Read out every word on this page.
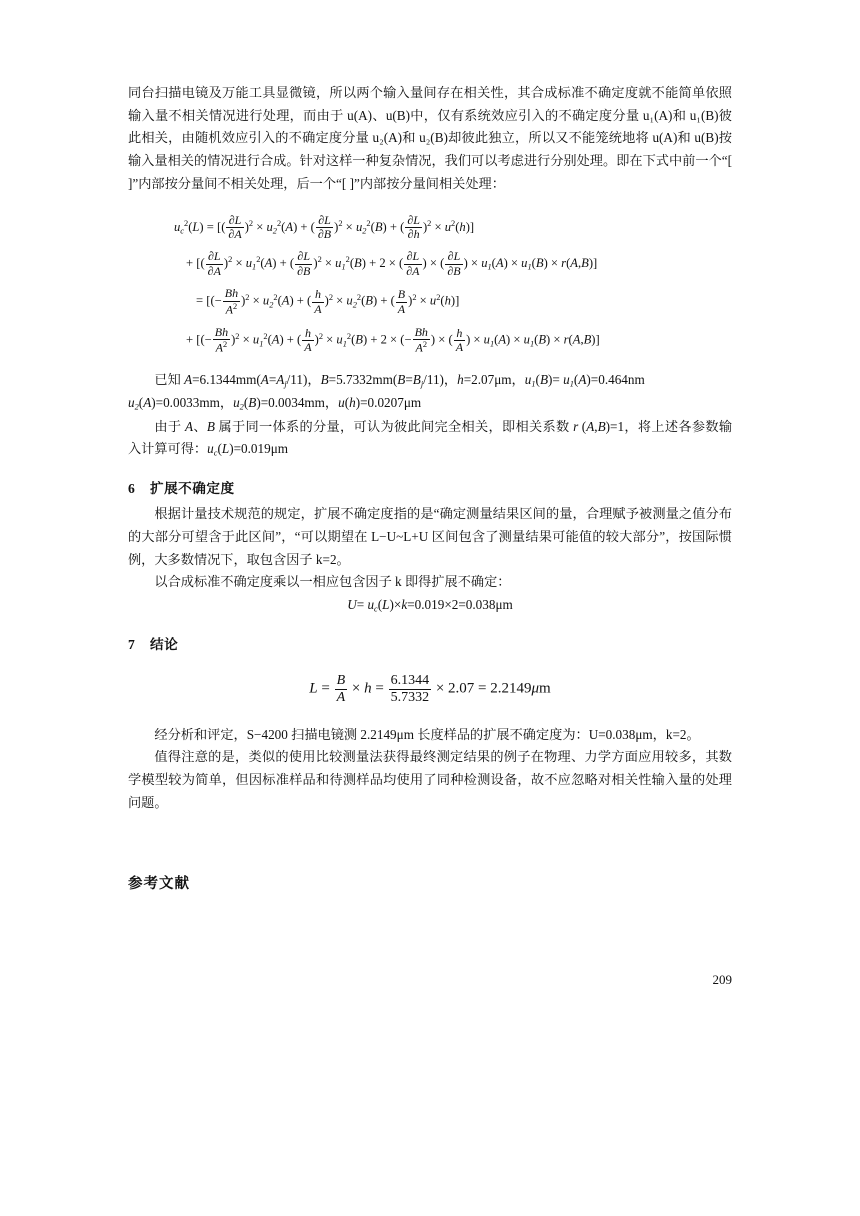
同台扫描电镜及万能工具显微镜，所以两个输入量间存在相关性，其合成标准不确定度就不能简单依照输入量不相关情况进行处理，而由于 u(A)、u(B)中，仅有系统效应引入的不确定度分量 u₁(A)和 u₁(B)彼此相关，由随机效应引入的不确定度分量 u₂(A)和 u₂(B)却彼此独立，所以又不能笼统地将 u(A)和 u(B)按输入量相关的情况进行合成。针对这样一种复杂情况，我们可以考虑进行分别处理。即在下式中前一个“[ ]”内部按分量间不相关处理，后一个“[ ]”内部按分量间相关处理：

$u_c^2(L)$ = [( $\frac{\partial L}{\partial A} )^2 \times u_2^2(A)$ + ( $\frac{\partial L}{\partial B} )^2 \times u_2^2(B)$ + ( $\frac{\partial L}{\partial h} )^2 \times u^2(h)$]
+ [( $\frac{\partial L}{\partial A} )^2 \times u_1^2(A)$ + ( $\frac{\partial L}{\partial B} )^2 \times u_1^2(B) + 2$ × ( $\frac{\partial L}{\partial A}$ ) × ( $\frac{\partial L}{\partial B}$ ) × $u_1(A) \times u_1(B) \times r(A,B)$]
= [(− $\frac{Bh}{A^2} )^2 \times u_2^2(A)$ + ( $\frac{h}{A} )^2 \times u_2^2(B)$ + ( $\frac{B}{A} )^2 \times u^2(h)$]
+ [(− $\frac{Bh}{A^2} )^2 \times u_1^2(A)$ + ( $\frac{h}{A} )^2 \times u_1^2(B) + 2$ × (− $\frac{Bh}{A^2}$ ) × ( $\frac{h}{A}$ ) × $u_1(A) \times u_1(B) \times r(A,B)$]

已知 $A=6.1344mm(A=A_j/11)$，$B=5.7332mm(B=B_j/11)$，h=2.07μm，$u_1(B)= u_1(A)=0.464nm$

$u_2(A)=0.0033mm$，$u_2(B)=0.0034mm$，u(h)=0.0207μm

由于 A、B 属于同一体系的分量，可认为彼此间完全相关，即相关系数 r (A,B)=1，将上述各参数输入计算可得：$u_c(L)=0.019\mu m$

6 扩展不确定度

根据计量技术规范的规定，扩展不确定度指的是“确定测量结果区间的量，合理赋予被测量之值分布的大部分可望含于此区间”，“可以期望在 L−U~L+U 区间包含了测量结果可能值的较大部分”，按国际惯例，大多数情况下，取包含因子 k=2。

以合成标准不确定度乘以一相应包含因子 k 即得扩展不确定：

$U= u_c(L)\times k=0.019\times 2=0.038\mu m$

7 结论
$L = \frac{B}{A} \times h = \frac{6.1344}{5.7332} \times 2.07 = 2.2149\mu m$

经分析和评定，S−4200 扫描电镜测 2.2149μm 长度样品的扩展不确定度为：U=0.038μm，k=2。

值得注意的是，类似的使用比较测量法获得最终测定结果的例子在物理、力学方面应用较多，其数学模型较为简单，但因标准样品和待测样品均使用了同种检测设备，故不应忽略对相关性输入量的处理问题。

参考文献
209
